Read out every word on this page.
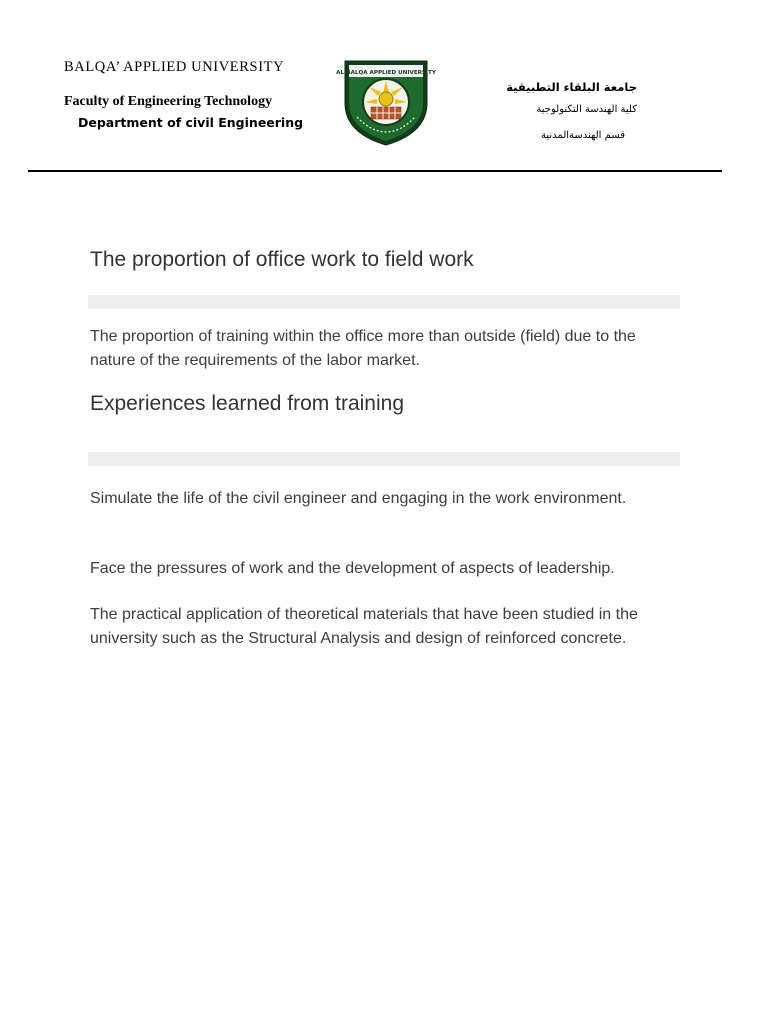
BALQA’ APPLIED UNIVERSITY

Faculty of Engineering Technology
Department of civil Engineering
AL-BALQA APPLIED UNIVERSITY
جامعة البلقاء التطبيقية
كلية الهندسة التكنولوجية
قسم الهندسةالمدنية
The proportion of office work to field work

The proportion of training within the office more than outside (field) due to the nature of the requirements of the labor market.

Experiences learned from training

Simulate the life of the civil engineer and engaging in the work environment.

Face the pressures of work and the development of aspects of leadership.

The practical application of theoretical materials that have been studied in the university such as the Structural Analysis and design of reinforced concrete.
